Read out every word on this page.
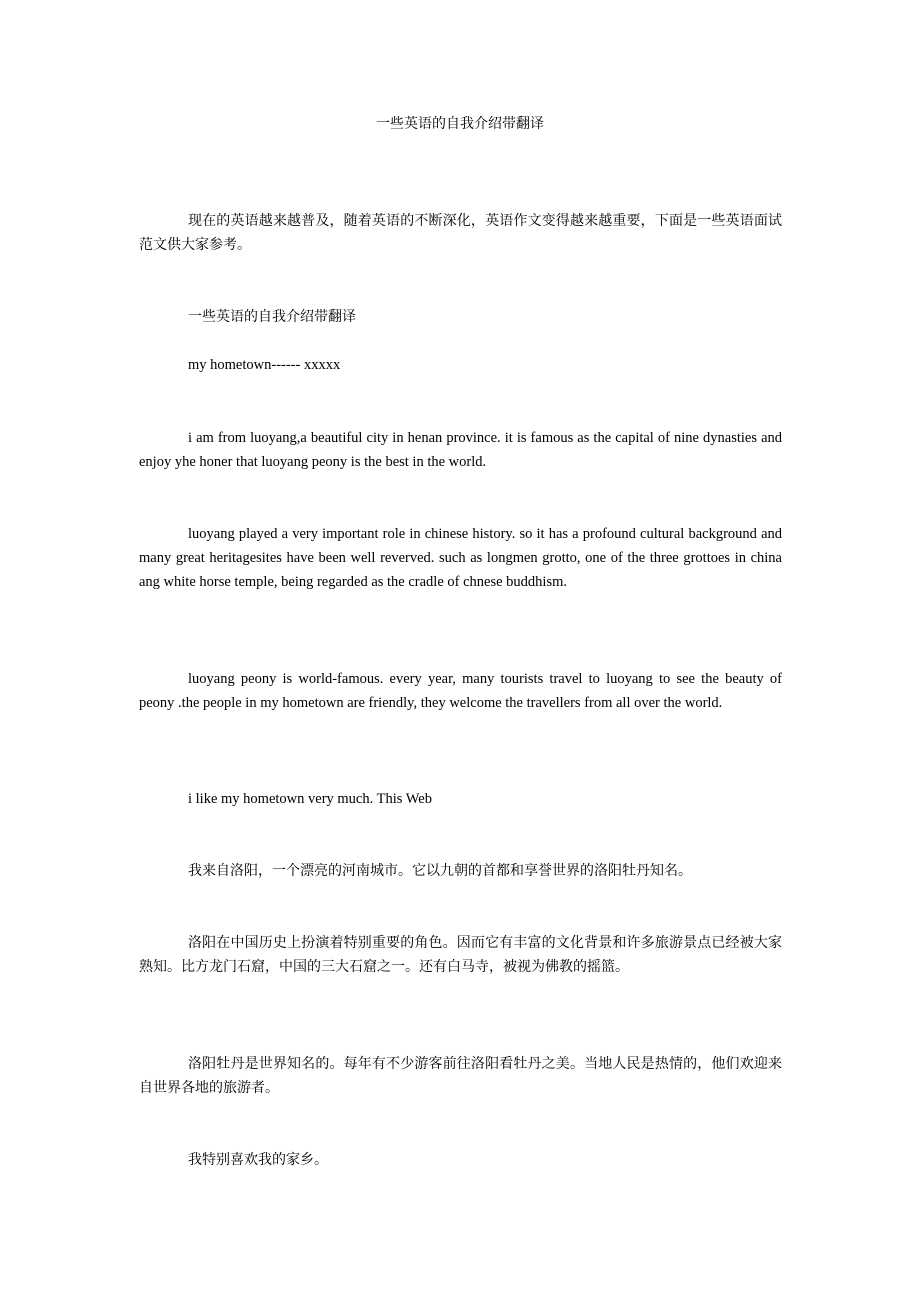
一些英语的自我介绍带翻译
现在的英语越来越普及，随着英语的不断深化，英语作文变得越来越重要，下面是一些英语面试范文供大家参考。
一些英语的自我介绍带翻译
my hometown------ xxxxx
i am from luoyang,a beautiful city in henan province. it is famous as the capital of nine dynasties and enjoy yhe honer that luoyang peony is the best in the world.
luoyang played a very important role in chinese history. so it has a profound cultural background and many great heritagesites have been well reverved. such as longmen grotto, one of the three grottoes in china ang white horse temple, being regarded as the cradle of chnese buddhism.
luoyang peony is world-famous. every year, many tourists travel to luoyang to see the beauty of peony .the people in my hometown are friendly, they welcome the travellers from all over the world.
i like my hometown very much. This Web
我来自洛阳，一个漂亮的河南城市。它以九朝的首都和享誉世界的洛阳牡丹知名。
洛阳在中国历史上扮演着特别重要的角色。因而它有丰富的文化背景和许多旅游景点已经被大家熟知。比方龙门石窟，中国的三大石窟之一。还有白马寺，被视为佛教的摇篮。
洛阳牡丹是世界知名的。每年有不少游客前往洛阳看牡丹之美。当地人民是热情的，他们欢迎来自世界各地的旅游者。
我特别喜欢我的家乡。
